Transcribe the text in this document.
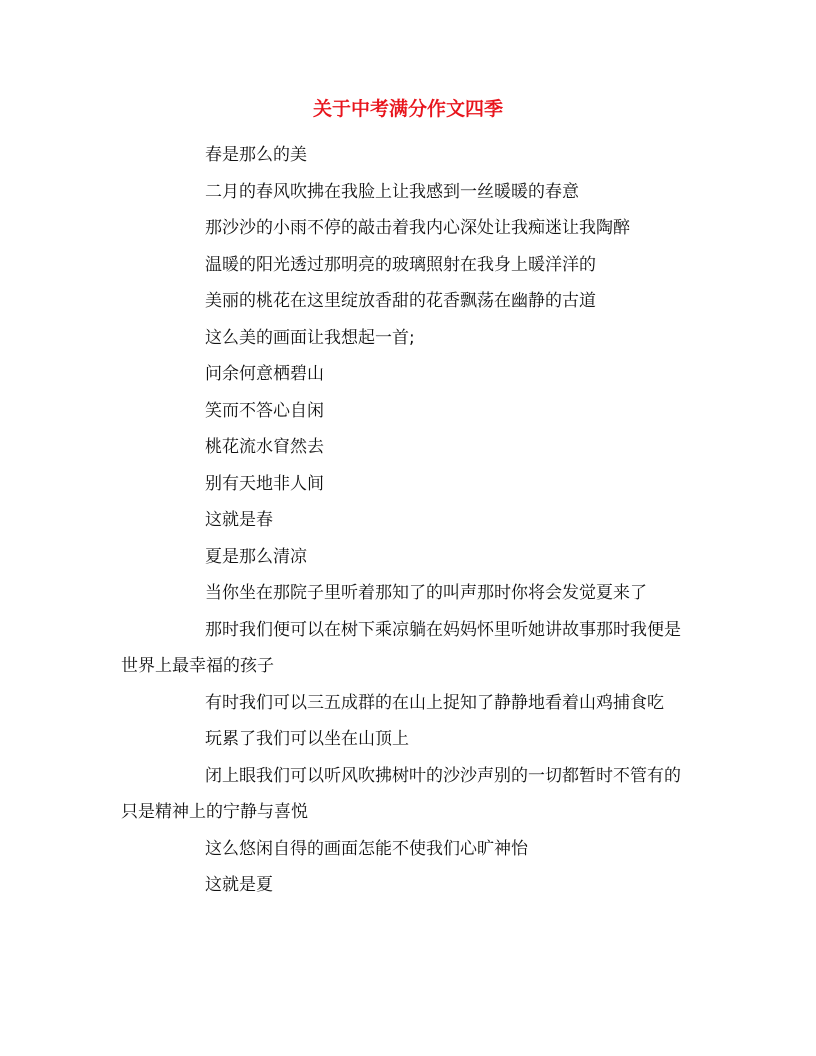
关于中考满分作文四季

春是那么的美

二月的春风吹拂在我脸上让我感到一丝暖暖的春意

那沙沙的小雨不停的敲击着我内心深处让我痴迷让我陶醉

温暖的阳光透过那明亮的玻璃照射在我身上暖洋洋的

美丽的桃花在这里绽放香甜的花香飘荡在幽静的古道

这么美的画面让我想起一首;

问余何意栖碧山

笑而不答心自闲

桃花流水窅然去

别有天地非人间

这就是春

夏是那么清凉

当你坐在那院子里听着那知了的叫声那时你将会发觉夏来了

那时我们便可以在树下乘凉躺在妈妈怀里听她讲故事那时我便是世界上最幸福的孩子

有时我们可以三五成群的在山上捉知了静静地看着山鸡捕食吃

玩累了我们可以坐在山顶上

闭上眼我们可以听风吹拂树叶的沙沙声别的一切都暂时不管有的只是精神上的宁静与喜悦

这么悠闲自得的画面怎能不使我们心旷神怡

这就是夏
